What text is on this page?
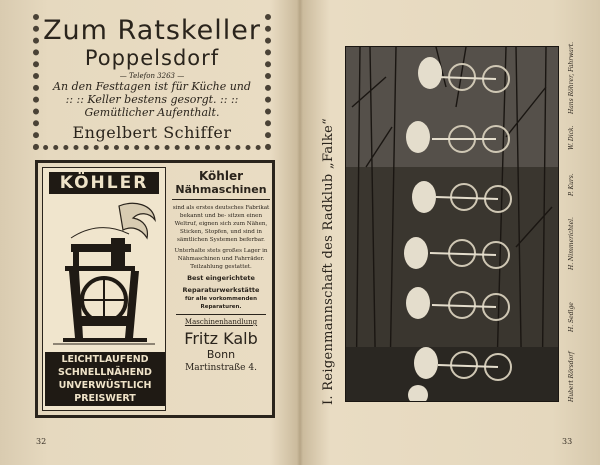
Zum Ratskeller
Poppelsdorf
— Telefon 3263 —
An den Festtagen ist für Küche und
:: :: Keller bestens gesorgt. :: ::
Gemütlicher Aufenthalt.
Engelbert Schiffer
KÖHLER
LEICHTLAUFEND
SCHNELLNÄHEND
UNVERWÜSTLICH
PREISWERT
Köhler
Nähmaschinen
sind als erstes deutsches Fabrikat bekannt und be- sitzen einen Weltruf, eignen sich zum Nähen, Sticken, Stopfen, und sind in sämtlichen Systemen beferbar.
Unterhalte stets großes Lager in Nähmaschinen und Fahrräder. Teilzahlung gestattet.
Best eingerichtete
Reparaturwerkstätte
für alle vorkommenden Reparaturen.
Maschinenhandlung
Fritz Kalb
Bonn
Martinstraße 4.
32
I. Reigenmannschaft des Radklub „Falke“	Hubert Rörsdorf
H. Sedlge
H. Nimmerichtel.
P. Kurs.
W. Dick.
Hans Röhrer, Fahrwart.
33
